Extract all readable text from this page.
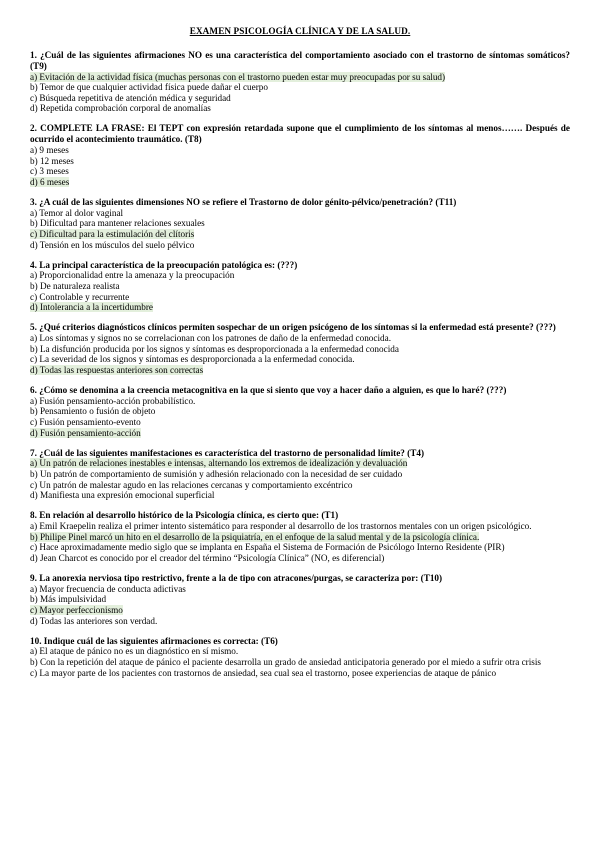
EXAMEN PSICOLOGÍA CLÍNICA Y DE LA SALUD.

1. ¿Cuál de las siguientes afirmaciones NO es una característica del comportamiento asociado con el trastorno de síntomas somáticos? (T9)

a) Evitación de la actividad física (muchas personas con el trastorno pueden estar muy preocupadas por su salud)

b) Temor de que cualquier actividad física puede dañar el cuerpo

c) Búsqueda repetitiva de atención médica y seguridad

d) Repetida comprobación corporal de anomalías

2. COMPLETE LA FRASE: El TEPT con expresión retardada supone que el cumplimiento de los síntomas al menos……. Después de ocurrido el acontecimiento traumático. (T8)

a) 9 meses

b) 12 meses

c) 3 meses

d) 6 meses

3. ¿A cuál de las siguientes dimensiones NO se refiere el Trastorno de dolor génito-pélvico/penetración? (T11)

a) Temor al dolor vaginal

b) Dificultad para mantener relaciones sexuales

c) Dificultad para la estimulación del clítoris

d) Tensión en los músculos del suelo pélvico

4. La principal característica de la preocupación patológica es: (???)

a) Proporcionalidad entre la amenaza y la preocupación

b) De naturaleza realista

c) Controlable y recurrente

d) Intolerancia a la incertidumbre

5. ¿Qué criterios diagnósticos clínicos permiten sospechar de un origen psicógeno de los síntomas si la enfermedad está presente? (???)

a) Los síntomas y signos no se correlacionan con los patrones de daño de la enfermedad conocida.

b) La disfunción producida por los signos y síntomas es desproporcionada a la enfermedad conocida

c) La severidad de los signos y síntomas es desproporcionada a la enfermedad conocida.

d) Todas las respuestas anteriores son correctas

6. ¿Cómo se denomina a la creencia metacognitiva en la que si siento que voy a hacer daño a alguien, es que lo haré? (???)

a) Fusión pensamiento-acción probabilístico.

b) Pensamiento o fusión de objeto

c) Fusión pensamiento-evento

d) Fusión pensamiento-acción

7. ¿Cuál de las siguientes manifestaciones es característica del trastorno de personalidad límite? (T4)

a) Un patrón de relaciones inestables e intensas, alternando los extremos de idealización y devaluación

b) Un patrón de comportamiento de sumisión y adhesión relacionado con la necesidad de ser cuidado

c) Un patrón de malestar agudo en las relaciones cercanas y comportamiento excéntrico

d) Manifiesta una expresión emocional superficial

8. En relación al desarrollo histórico de la Psicología clínica, es cierto que: (T1)

a) Emil Kraepelin realiza el primer intento sistemático para responder al desarrollo de los trastornos mentales con un origen psicológico.

b) Philipe Pinel marcó un hito en el desarrollo de la psiquiatría, en el enfoque de la salud mental y de la psicología clínica.

c) Hace aproximadamente medio siglo que se implanta en España el Sistema de Formación de Psicólogo Interno Residente (PIR)

d) Jean Charcot es conocido por el creador del término “Psicología Clínica” (NO, es diferencial)

9. La anorexia nerviosa tipo restrictivo, frente a la de tipo con atracones/purgas, se caracteriza por: (T10)

a) Mayor frecuencia de conducta adictivas

b) Más impulsividad

c) Mayor perfeccionismo

d) Todas las anteriores son verdad.

10. Indique cuál de las siguientes afirmaciones es correcta: (T6)

a) El ataque de pánico no es un diagnóstico en sí mismo.

b) Con la repetición del ataque de pánico el paciente desarrolla un grado de ansiedad anticipatoria generado por el miedo a sufrir otra crisis

c) La mayor parte de los pacientes con trastornos de ansiedad, sea cual sea el trastorno, posee experiencias de ataque de pánico
